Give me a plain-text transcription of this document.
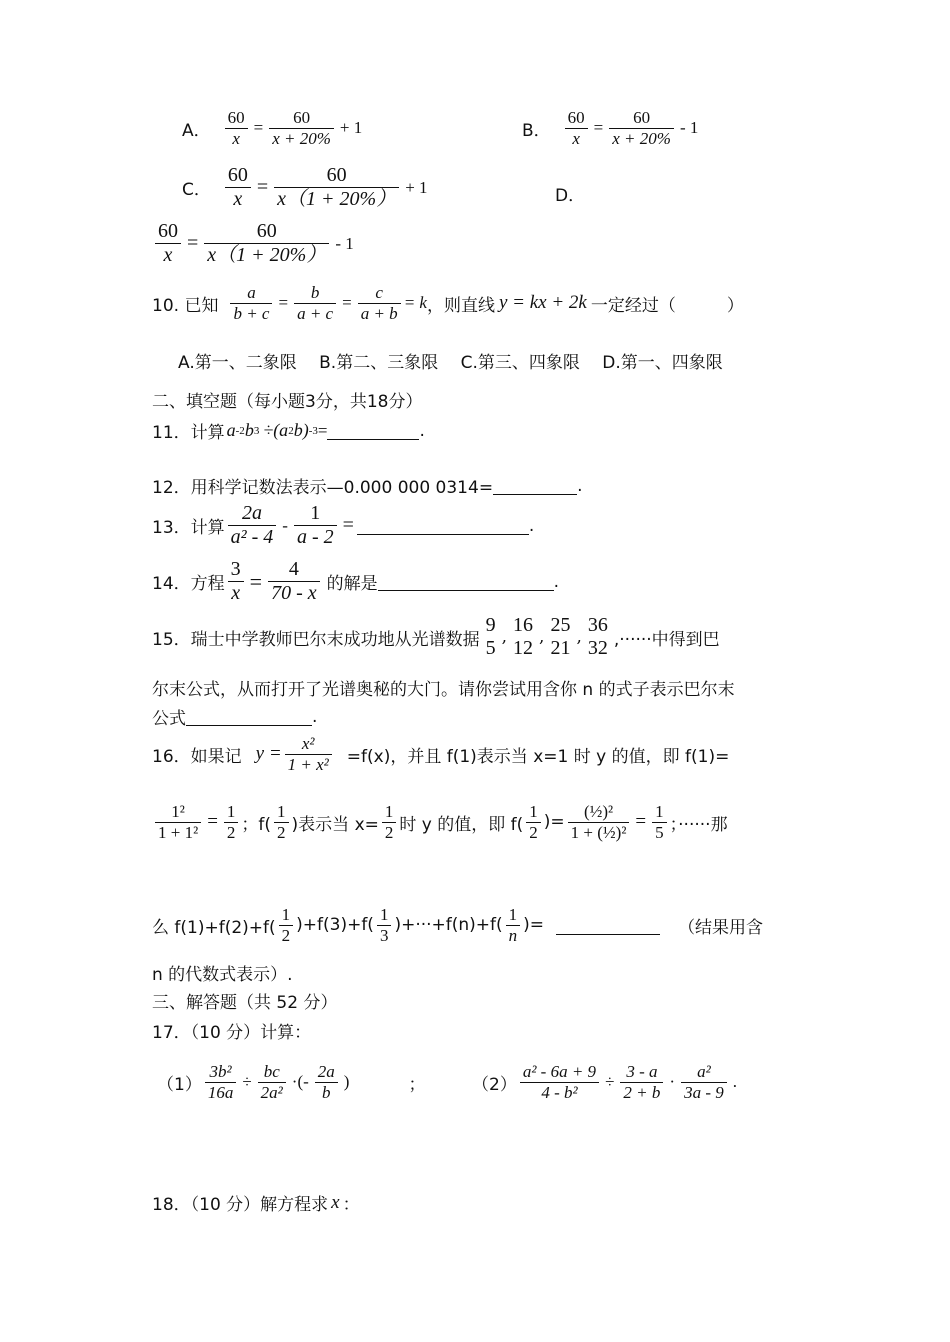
A． $\frac{60}{x} = \frac{60}{x + 20\%} + 1$	B． $\frac{60}{x} = \frac{60}{x + 20\%} - 1$
C． $\frac{60}{x} = \frac{60}{x(1 + 20\%)} + 1$	D．
$\frac{60}{x} = \frac{60}{x(1 + 20\%)} - 1$
10. 已知 $\frac{a}{b + c} = \frac{b}{a + c} = \frac{c}{a + b} = k$ ，则直线 y = kx + 2k 一定经过（　　　）
A.第一、二象限　 B.第二、三象限　 C.第三、四象限　 D.第一、四象限
二、填空题（每小题3分，共18分）
11．计算 a -2 b 3 ÷(a 2 b) -3 =	.
12．用科学记数法表示—0.000 000 0314=	.
13．计算 $\frac{2a}{\text{a² - 4}} - \frac{1}{a - 2}$ =	.
14．方程 $\frac{3}{x} = \frac{4}{70 - x}$ 的解是	.
15．瑞士中学教师巴尔末成功地从光谱数据
9
5 ,
16
12 ,
25
21 ,
36
32 ,······中得到巴
尔末公式，从而打开了光谱奥秘的大门。请你尝试用含你 n 的式子表示巴尔末
公式	.
16．如果记 $y = \frac{\text{x²}}{\text{1 + x²}} =f(x)$，并且 f(1)表示当 x=1 时 y 的值，即 f(1)=
$\frac{\text{1²}}{\text{1 + 1²}} = \frac{1}{2}$ ；$f( \frac{1}{2}$ )表示当 $x= \frac{1}{2}$ 时 y 的值，即 $f( \frac{1}{2}$ )= $\frac{\text{(½)²}}{\text{1 + (½)²}} = \frac{1}{5}$ ；······那
么 $f(1)+f(2)+f( \frac{1}{2} )+f(3)+f( \frac{1}{3} )+\cdot\cdot\cdot+f(n)+f( \frac{1}{n}$ )=	（结果用含
n 的代数式表示）.
三、解答题（共 52 分）
17．（10 分）计算：
$(1) \frac{\text{3b²}}{16a} \div \frac{bc}{\text{2a²}}$ ·(- $\frac{2a}{b}$ )	；	$(2) \frac{\text{a² - 6a + 9}}{\text{4 - b²}} \div \frac{3 - a}{2 + b} \cdot \frac{\text{a²}}{3a - 9}$ .
18．（10 分）解方程求 x ：
